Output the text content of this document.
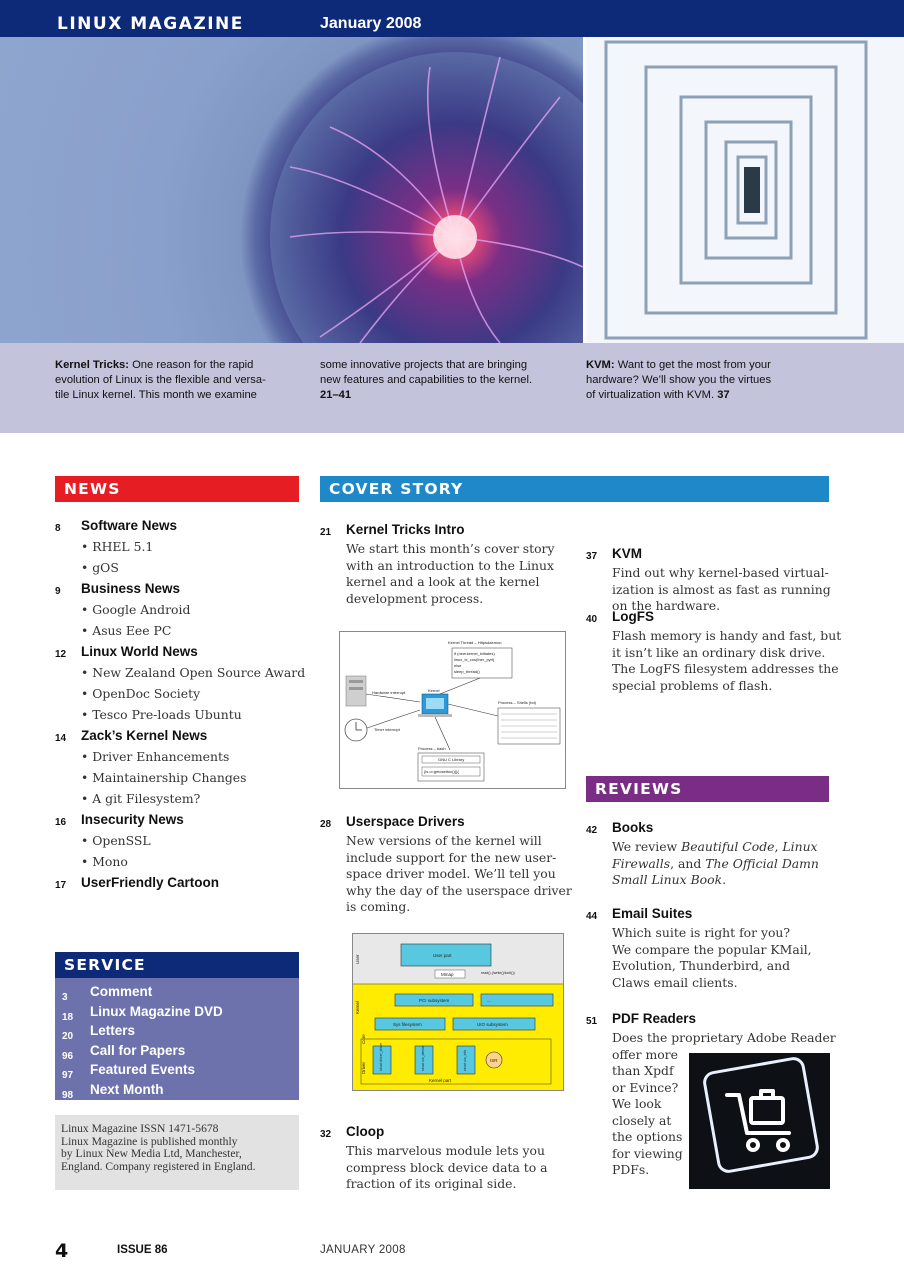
LINUX MAGAZINE	January 2008
Kernel Tricks: One reason for the rapid
evolution of Linux is the flexible and versa-
tile Linux kernel. This month we examine
some innovative projects that are bringing
new features and capabilities to the kernel.
21–41
KVM: Want to get the most from your
hardware? We’ll show you the virtues
of virtualization with KVM. 37
NEWS
8 Software News
• RHEL 5.1
• gOS
9 Business News
• Google Android
• Asus Eee PC
12 Linux World News
• New Zealand Open Source Award
• OpenDoc Society
• Tesco Pre-loads Ubuntu
14 Zack’s Kernel News
• Driver Enhancements
• Maintainership Changes
• A git Filesystem?
16 Insecurity News
• OpenSSL
• Mono
17 UserFriendly Cartoon
SERVICE
3 Comment
18 Linux Magazine DVD
20 Letters
96 Call for Papers
97 Featured Events
98 Next Month
Linux Magazine ISSN 1471-5678
Linux Magazine is published monthly
by Linux New Media Ltd, Manchester,
England. Company registered in England.
COVER STORY
21 Kernel Tricks Intro
We start this month’s cover story
with an introduction to the Linux
kernel and a look at the kernel
development process.
Kernel Thread – Httpsdaemon
if (new.kernel_initiates)
linux_tx_cos(ther_pyrl)
else
sleep_thread()
Hardware interrupt
Timer interrupt
Kernel
Process – Shells (bd)
Process – bash
GNU C Library
{ls.o=getcsettoc(){}(
28 Userspace Drivers
New versions of the kernel will
include support for the new user-
space driver model. We’ll tell you
why the day of the userspace driver
is coming.
User part
Mmap	read() (/write()/ioctl())
User
Kernel
Core
Driver
PCI subsystem	...
Sys filesystem	UIO subsystem
struct driver_driver	struct uio_device	struct uio_info	ISR
Kernel part
32 Cloop
This marvelous module lets you
compress block device data to a
fraction of its original side.
37 KVM
Find out why kernel-based virtual-
ization is almost as fast as running
on the hardware.
40 LogFS
Flash memory is handy and fast, but
it isn’t like an ordinary disk drive.
The LogFS filesystem addresses the
special problems of flash.
REVIEWS
42 Books
We review Beautiful Code, Linux
Firewalls, and The Official Damn
Small Linux Book.
44 Email Suites
Which suite is right for you?
We compare the popular KMail,
Evolution, Thunderbird, and
Claws email clients.
51 PDF Readers
Does the proprietary Adobe Reader
offer more
than Xpdf
or Evince?
We look
closely at
the options
for viewing
PDFs.
4	ISSUE 86	JANUARY 2008
